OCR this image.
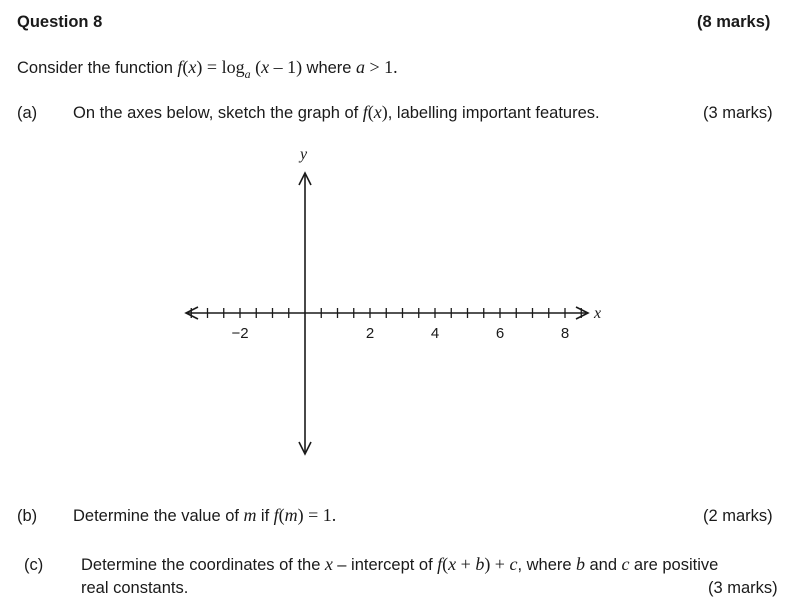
Question 8	(8 marks)
Consider the function $f(x) = \log_a (x - 1)$ where a > 1.
(a) On the axes below, sketch the graph of f(x), labelling important features.	(3 marks)
y
x
−2	2	4	6	8
(b) Determine the value of m if f(m) = 1.	(2 marks)
(c) Determine the coordinates of the x – intercept of f(x + b) + c, where b and c are positive
real constants.	(3 marks)
